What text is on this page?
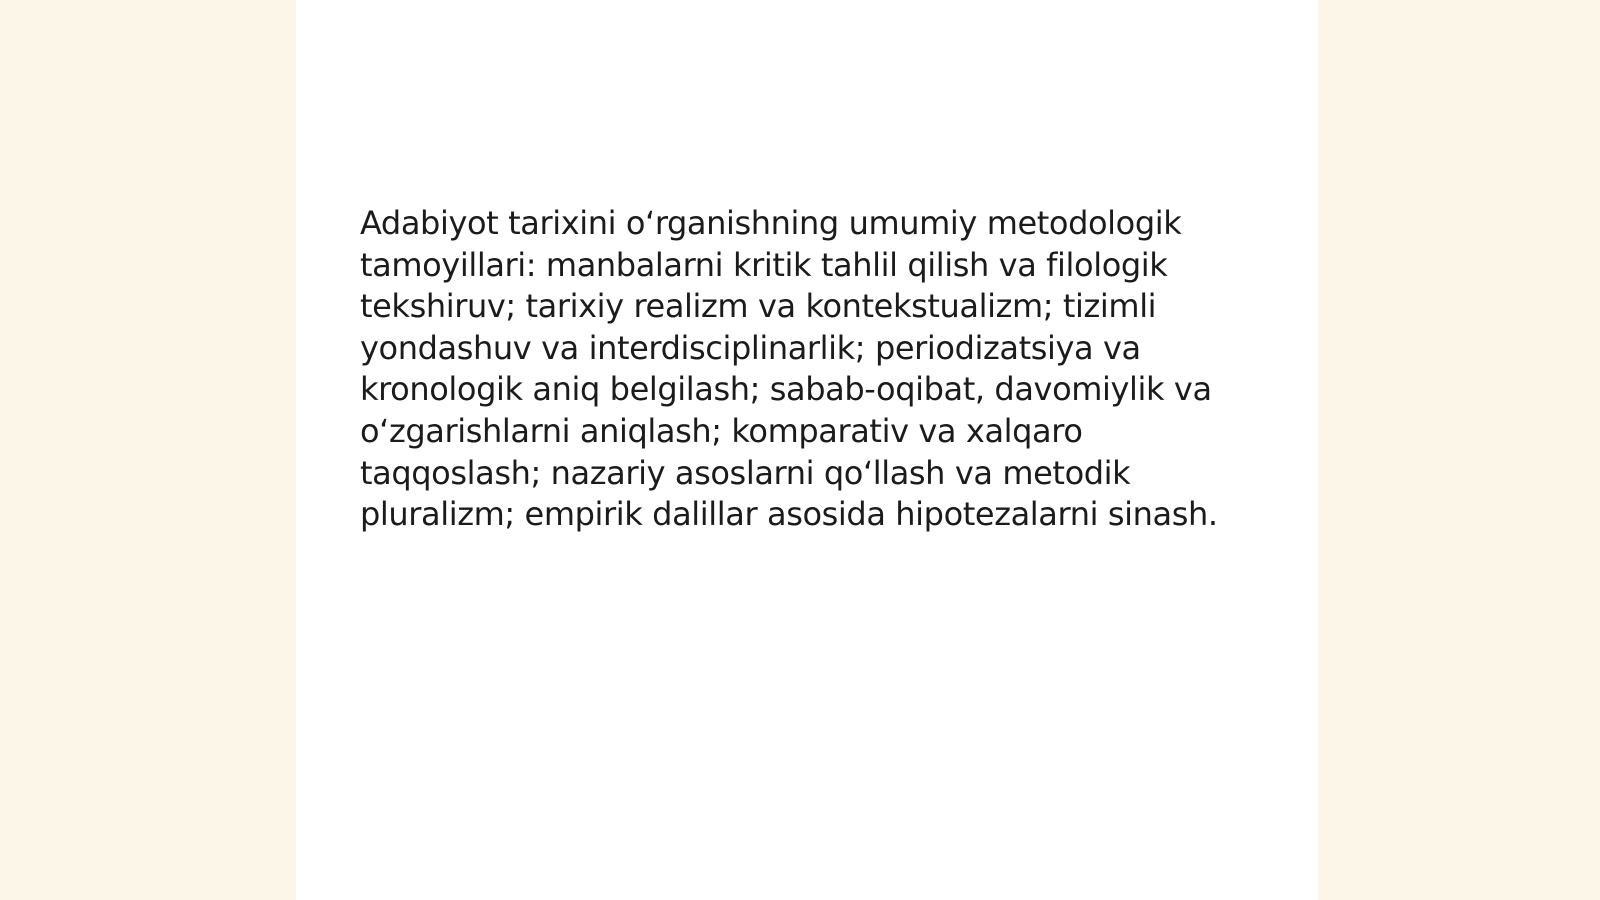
Adabiyot tarixini o‘rganishning umumiy metodologik tamoyillari: manbalarni kritik tahlil qilish va filologik tekshiruv; tarixiy realizm va kontekstualizm; tizimli yondashuv va interdisciplinarlik; periodizatsiya va kronologik aniq belgilash; sabab-oqibat, davomiylik va o‘zgarishlarni aniqlash; komparativ va xalqaro taqqoslash; nazariy asoslarni qo‘llash va metodik pluralizm; empirik dalillar asosida hipotezalarni sinash.
